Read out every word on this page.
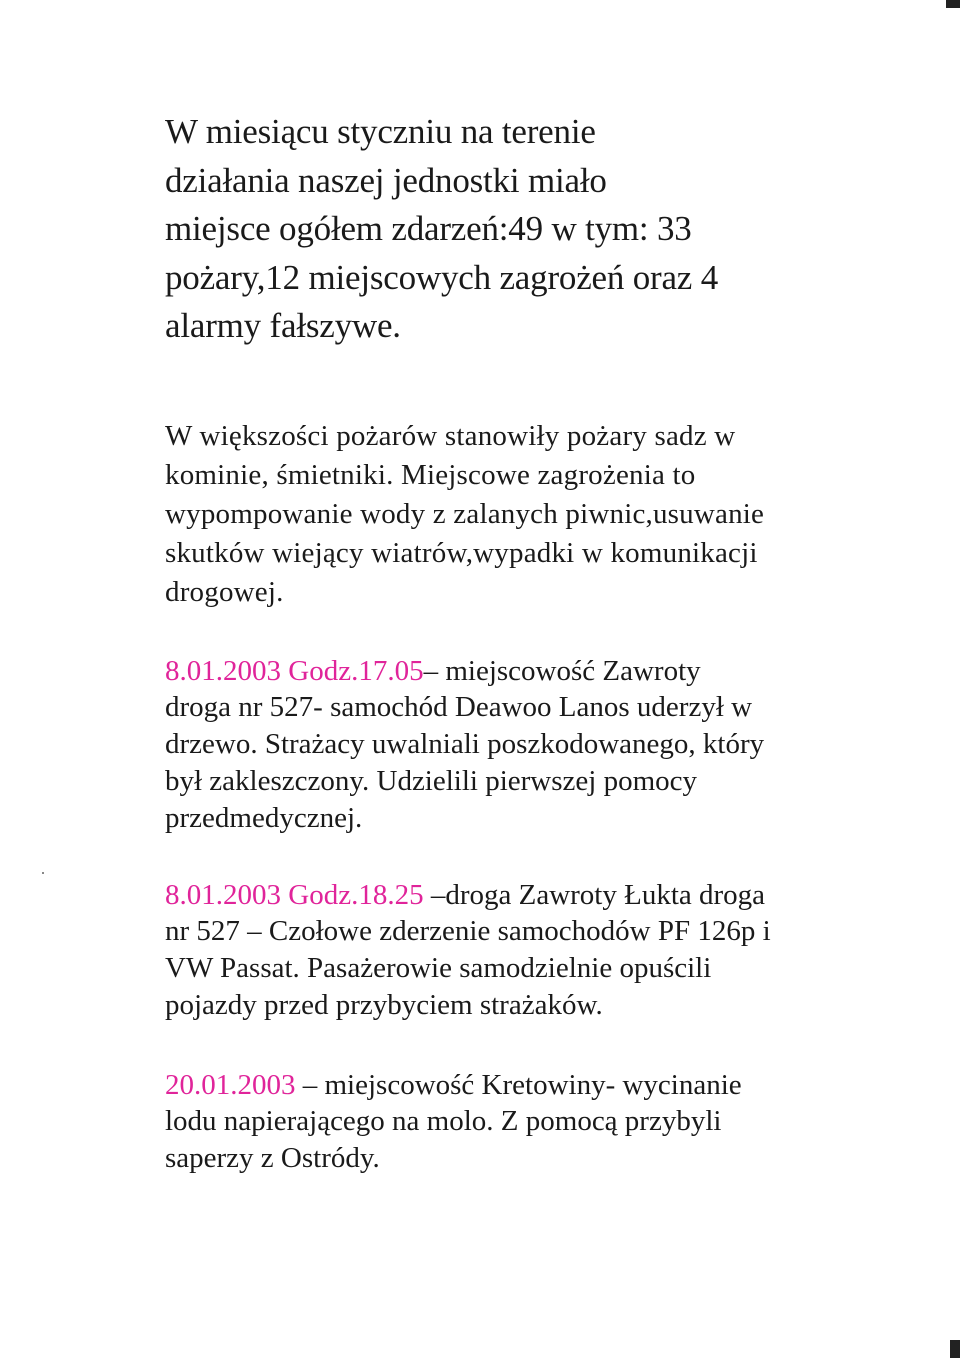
W miesiącu styczniu na terenie
działania naszej jednostki miało
miejsce ogółem zdarzeń:49 w tym: 33
pożary,12 miejscowych zagrożeń oraz 4
alarmy fałszywe.

W większości pożarów stanowiły pożary sadz w
kominie, śmietniki. Miejscowe zagrożenia to
wypompowanie wody z zalanych piwnic,usuwanie
skutków wiejący wiatrów,wypadki w komunikacji
drogowej.

8.01.2003 Godz.17.05– miejscowość Zawroty
droga nr 527- samochód Deawoo Lanos uderzył w
drzewo. Strażacy uwalniali poszkodowanego, który
był zakleszczony. Udzielili pierwszej pomocy
przedmedycznej.

8.01.2003 Godz.18.25 –droga Zawroty Łukta droga
nr 527 – Czołowe zderzenie samochodów PF 126p i
VW Passat. Pasażerowie samodzielnie opuścili
pojazdy przed przybyciem strażaków.

20.01.2003 – miejscowość Kretowiny- wycinanie
lodu napierającego na molo. Z pomocą przybyli
saperzy z Ostródy.
